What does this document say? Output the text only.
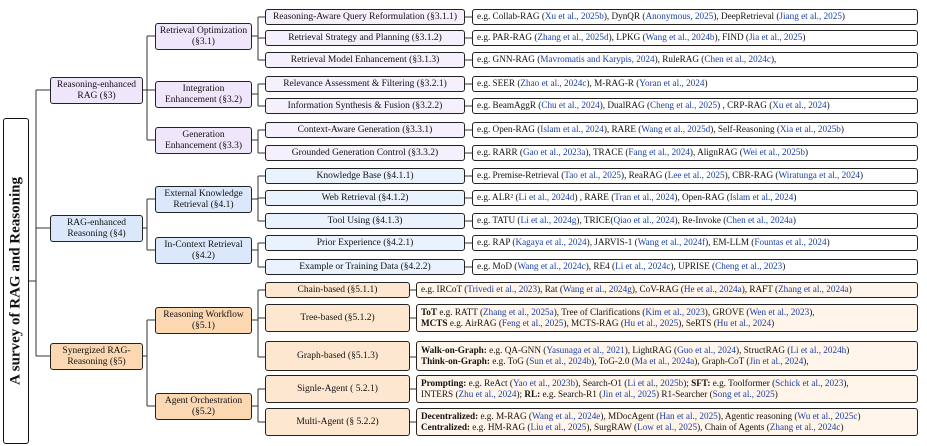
A survey of RAG and Reasoning
Reasoning-enhanced RAG (§3)
RAG-enhanced Reasoning (§4)
Synergized RAG-Reasoning (§5)
Retrieval Optimization (§3.1)
Integration Enhancement (§3.2)
Generation Enhancement (§3.3)
External Knowledge Retrieval (§4.1)
In-Context Retrieval (§4.2)
Reasoning Workflow (§5.1)
Agent Orchestration (§5.2)
Reasoning-Aware Query Reformulation (§3.1.1)
Retrieval Strategy and Planning (§3.1.2)
Retrieval Model Enhancement (§3.1.3)
Relevance Assessment & Filtering (§3.2.1)
Information Synthesis & Fusion (§3.2.2)
Context-Aware Generation (§3.3.1)
Grounded Generation Control (§3.3.2)
Knowledge Base (§4.1.1)
Web Retrieval (§4.1.2)
Tool Using (§4.1.3)
Prior Experience (§4.2.1)
Example or Training Data (§4.2.2)
Chain-based (§5.1.1)
Tree-based (§5.1.2)
Graph-based (§5.1.3)
Signle-Agent ( 5.2.1)
Multi-Agent (§ 5.2.2)
e.g. Collab-RAG (Xu et al., 2025b), DynQR (Anonymous, 2025), DeepRetrieval (Jiang et al., 2025)
e.g. PAR-RAG (Zhang et al., 2025d), LPKG (Wang et al., 2024b), FIND (Jia et al., 2025)
e.g. GNN-RAG (Mavromatis and Karypis, 2024), RuleRAG (Chen et al., 2024c),
e.g. SEER (Zhao et al., 2024c), M-RAG-R (Yoran et al., 2024)
e.g. BeamAggR (Chu et al., 2024), DualRAG (Cheng et al., 2025) , CRP-RAG (Xu et al., 2024)
e.g. Open-RAG (Islam et al., 2024), RARE (Wang et al., 2025d), Self-Reasoning (Xia et al., 2025b)
e.g. RARR (Gao et al., 2023a), TRACE (Fang et al., 2024), AlignRAG (Wei et al., 2025b)
e.g. Premise-Retrieval (Tao et al., 2025), ReaRAG (Lee et al., 2025), CBR-RAG (Wiratunga et al., 2024)
e.g. ALR² (Li et al., 2024d) , RARE (Tran et al., 2024), Open-RAG (Islam et al., 2024)
e.g. TATU (Li et al., 2024g), TRICE(Qiao et al., 2024), Re-Invoke (Chen et al., 2024a)
e.g. RAP (Kagaya et al., 2024), JARVIS-1 (Wang et al., 2024f), EM-LLM (Fountas et al., 2024)
e.g. MoD (Wang et al., 2024c), RE4 (Li et al., 2024c), UPRISE (Cheng et al., 2023)
e.g. IRCoT (Trivedi et al., 2023), Rat (Wang et al., 2024g), CoV-RAG (He et al., 2024a), RAFT (Zhang et al., 2024a)
ToT e.g. RATT (Zhang et al., 2025a), Tree of Clarifications (Kim et al., 2023), GROVE (Wen et al., 2023),
MCTS e.g. AirRAG (Feng et al., 2025), MCTS-RAG (Hu et al., 2025), SeRTS (Hu et al., 2024)
Walk-on-Graph: e.g. QA-GNN (Yasunaga et al., 2021), LightRAG (Guo et al., 2024), StructRAG (Li et al., 2024h)
Think-on-Graph: e.g. ToG (Sun et al., 2024b), ToG-2.0 (Ma et al., 2024a), Graph-CoT (Jin et al., 2024),
Prompting: e.g. ReAct (Yao et al., 2023b), Search-O1 (Li et al., 2025b); SFT: e.g. Toolformer (Schick et al., 2023),
INTERS (Zhu et al., 2024); RL: e.g. Search-R1 (Jin et al., 2025) R1-Searcher (Song et al., 2025)
Decentralized: e.g. M-RAG (Wang et al., 2024e), MDocAgent (Han et al., 2025), Agentic reasoning (Wu et al., 2025c)
Centralized: e.g. HM-RAG (Liu et al., 2025), SurgRAW (Low et al., 2025), Chain of Agents (Zhang et al., 2024c)
